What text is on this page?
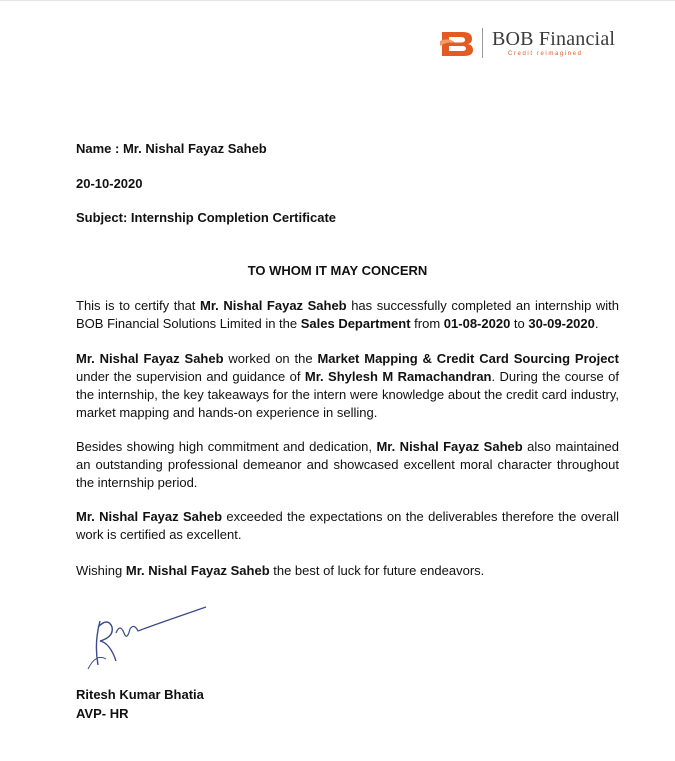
BOB Financial
Credit reimagined
Name : Mr. Nishal Fayaz Saheb
20-10-2020
Subject: Internship Completion Certificate
TO WHOM IT MAY CONCERN
This is to certify that Mr. Nishal Fayaz Saheb has successfully completed an internship with BOB Financial Solutions Limited in the Sales Department from 01-08-2020 to 30-09-2020.
Mr. Nishal Fayaz Saheb worked on the Market Mapping & Credit Card Sourcing Project under the supervision and guidance of Mr. Shylesh M Ramachandran. During the course of the internship, the key takeaways for the intern were knowledge about the credit card industry, market mapping and hands-on experience in selling.
Besides showing high commitment and dedication, Mr. Nishal Fayaz Saheb also maintained an outstanding professional demeanor and showcased excellent moral character throughout the internship period.
Mr. Nishal Fayaz Saheb exceeded the expectations on the deliverables therefore the overall work is certified as excellent.
Wishing Mr. Nishal Fayaz Saheb the best of luck for future endeavors.
Ritesh Kumar Bhatia
AVP- HR
